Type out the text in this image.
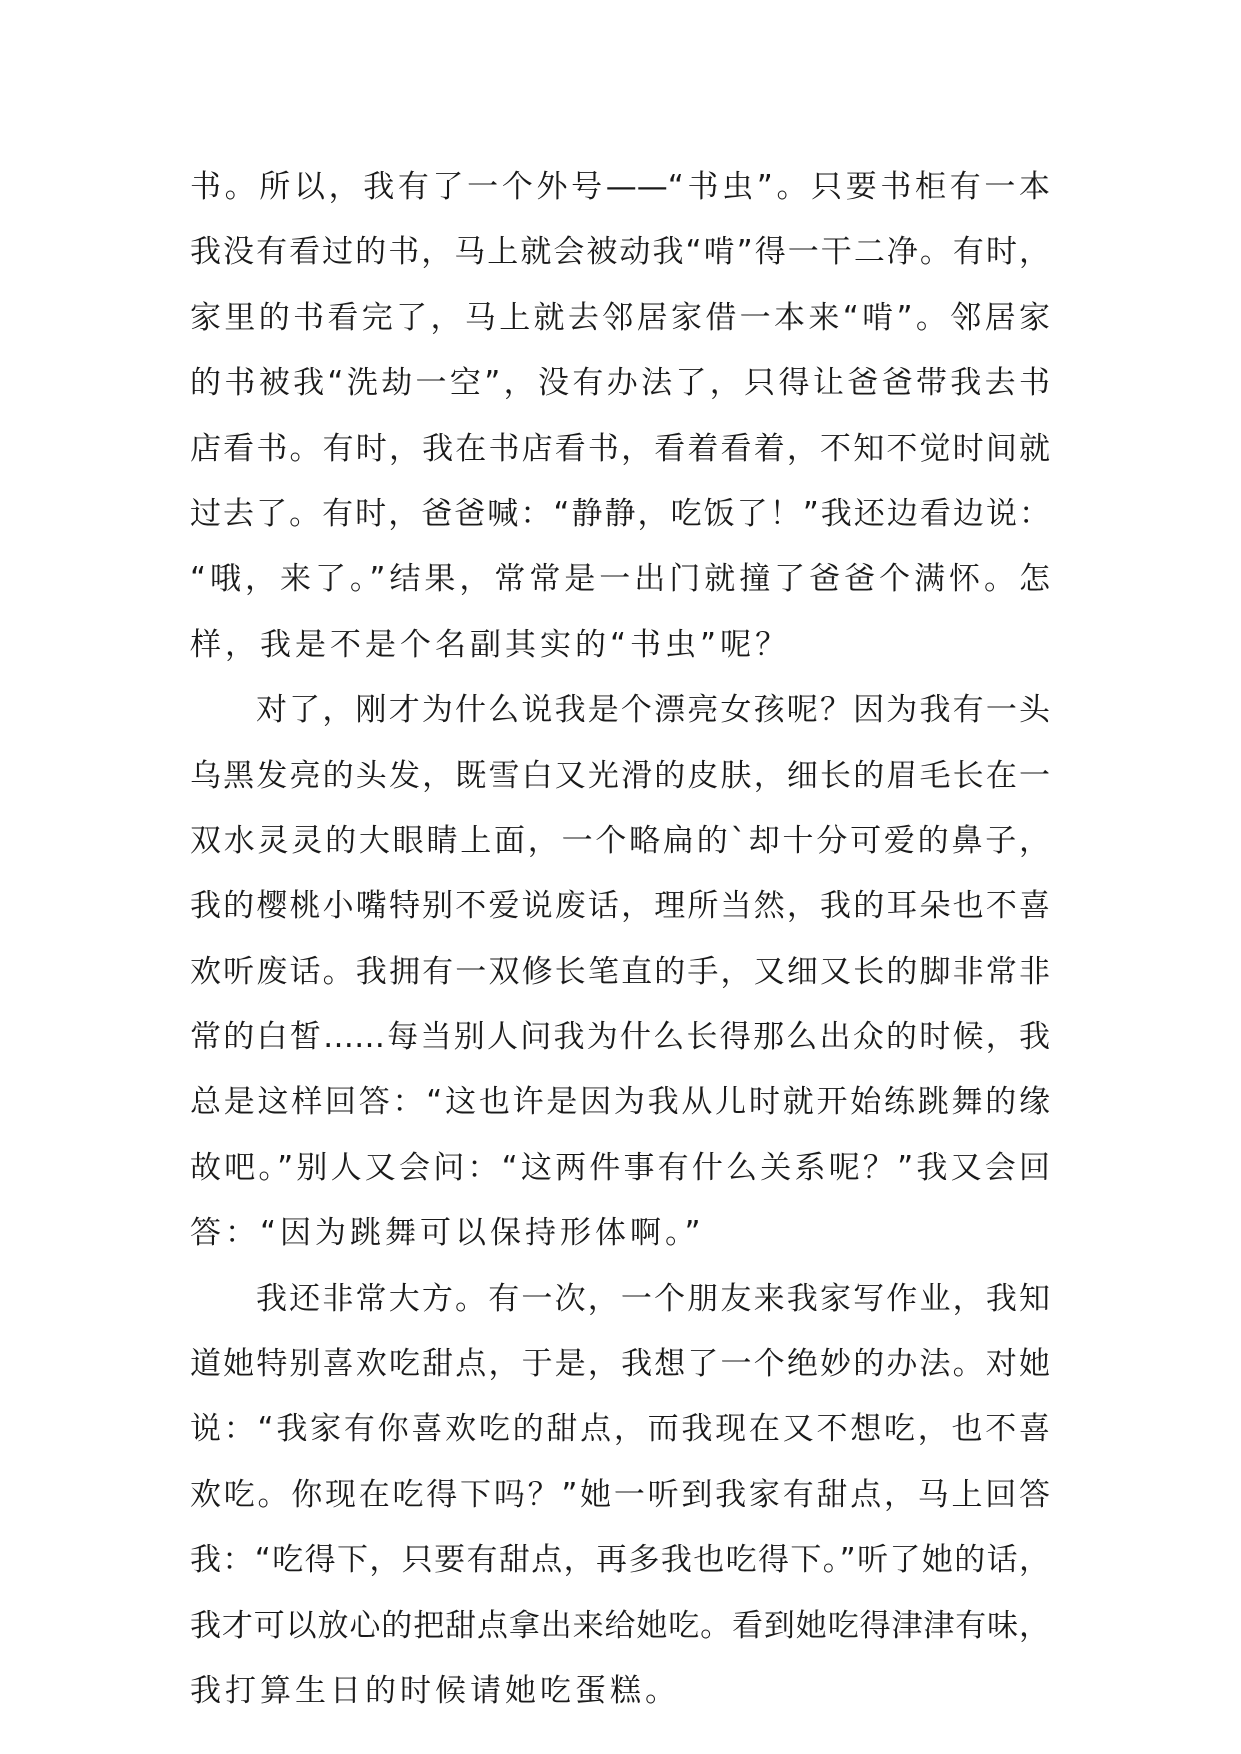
书。所以，我有了一个外号——“书虫”。只要书柜有一本
我没有看过的书，马上就会被动我“啃”得一干二净。有时，
家里的书看完了，马上就去邻居家借一本来“啃”。邻居家
的书被我“洗劫一空”，没有办法了，只得让爸爸带我去书
店看书。有时，我在书店看书，看着看着，不知不觉时间就
过去了。有时，爸爸喊：“静静，吃饭了！”我还边看边说：
“哦，来了。”结果，常常是一出门就撞了爸爸个满怀。怎
样，我是不是个名副其实的“书虫”呢？
对了，刚才为什么说我是个漂亮女孩呢？因为我有一头
乌黑发亮的头发，既雪白又光滑的皮肤，细长的眉毛长在一
双水灵灵的大眼睛上面，一个略扁的`却十分可爱的鼻子，
我的樱桃小嘴特别不爱说废话，理所当然，我的耳朵也不喜
欢听废话。我拥有一双修长笔直的手，又细又长的脚非常非
常的白皙……每当别人问我为什么长得那么出众的时候，我
总是这样回答：“这也许是因为我从儿时就开始练跳舞的缘
故吧。”别人又会问：“这两件事有什么关系呢？”我又会回
答：“因为跳舞可以保持形体啊。”
我还非常大方。有一次，一个朋友来我家写作业，我知
道她特别喜欢吃甜点，于是，我想了一个绝妙的办法。对她
说：“我家有你喜欢吃的甜点，而我现在又不想吃，也不喜
欢吃。你现在吃得下吗？”她一听到我家有甜点，马上回答
我：“吃得下，只要有甜点，再多我也吃得下。”听了她的话，
我才可以放心的把甜点拿出来给她吃。看到她吃得津津有味，
我打算生日的时候请她吃蛋糕。
